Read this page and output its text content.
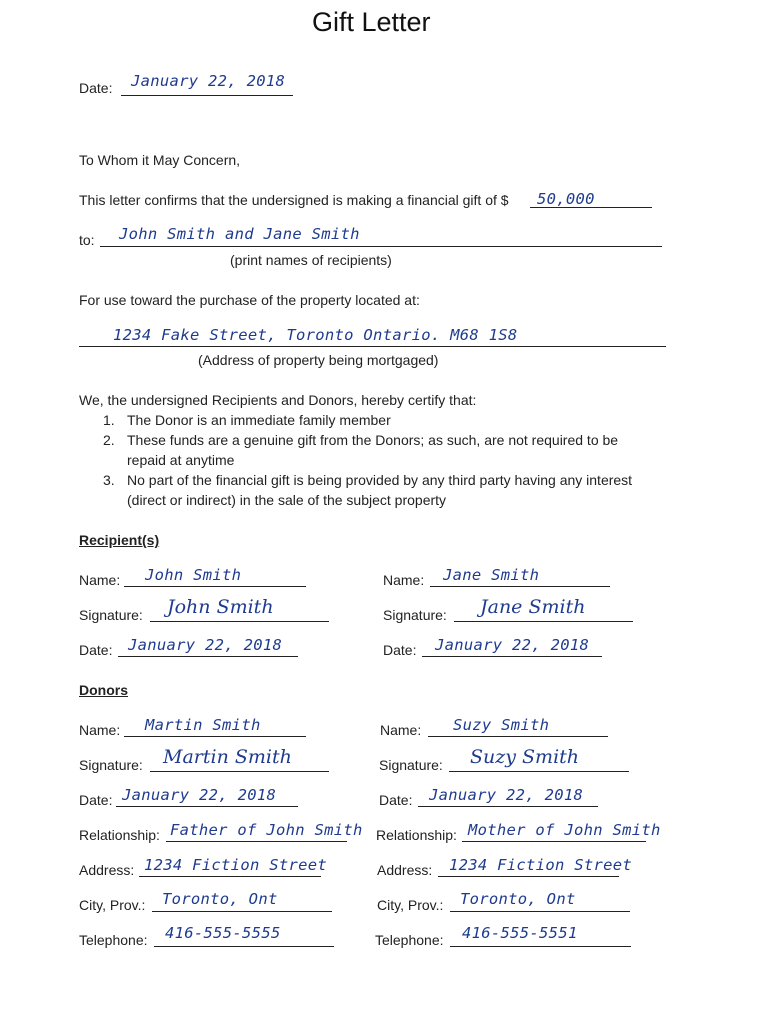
Gift Letter
Date: January 22, 2018
To Whom it May Concern,
This letter confirms that the undersigned is making a financial gift of $ 50,000
to: John Smith and Jane Smith
(print names of recipients)
For use toward the purchase of the property located at:
1234 Fake Street, Toronto Ontario. M68 1S8
(Address of property being mortgaged)
We, the undersigned Recipients and Donors, hereby certify that:
1. The Donor is an immediate family member
2. These funds are a genuine gift from the Donors; as such, are not required to be
repaid at anytime
3. No part of the financial gift is being provided by any third party having any interest
(direct or indirect) in the sale of the subject property
Recipient(s)
Name: John Smith
Signature: John Smith
Date: January 22, 2018
Name: Jane Smith
Signature: Jane Smith
Date: January 22, 2018
Donors
Name: Martin Smith
Signature: Martin Smith
Date: January 22, 2018
Relationship: Father of John Smith
Address: 1234 Fiction Street
City, Prov.: Toronto, Ont
Telephone: 416-555-5555
Name: Suzy Smith
Signature: Suzy Smith
Date: January 22, 2018
Relationship: Mother of John Smith
Address: 1234 Fiction Street
City, Prov.: Toronto, Ont
Telephone: 416-555-5551
